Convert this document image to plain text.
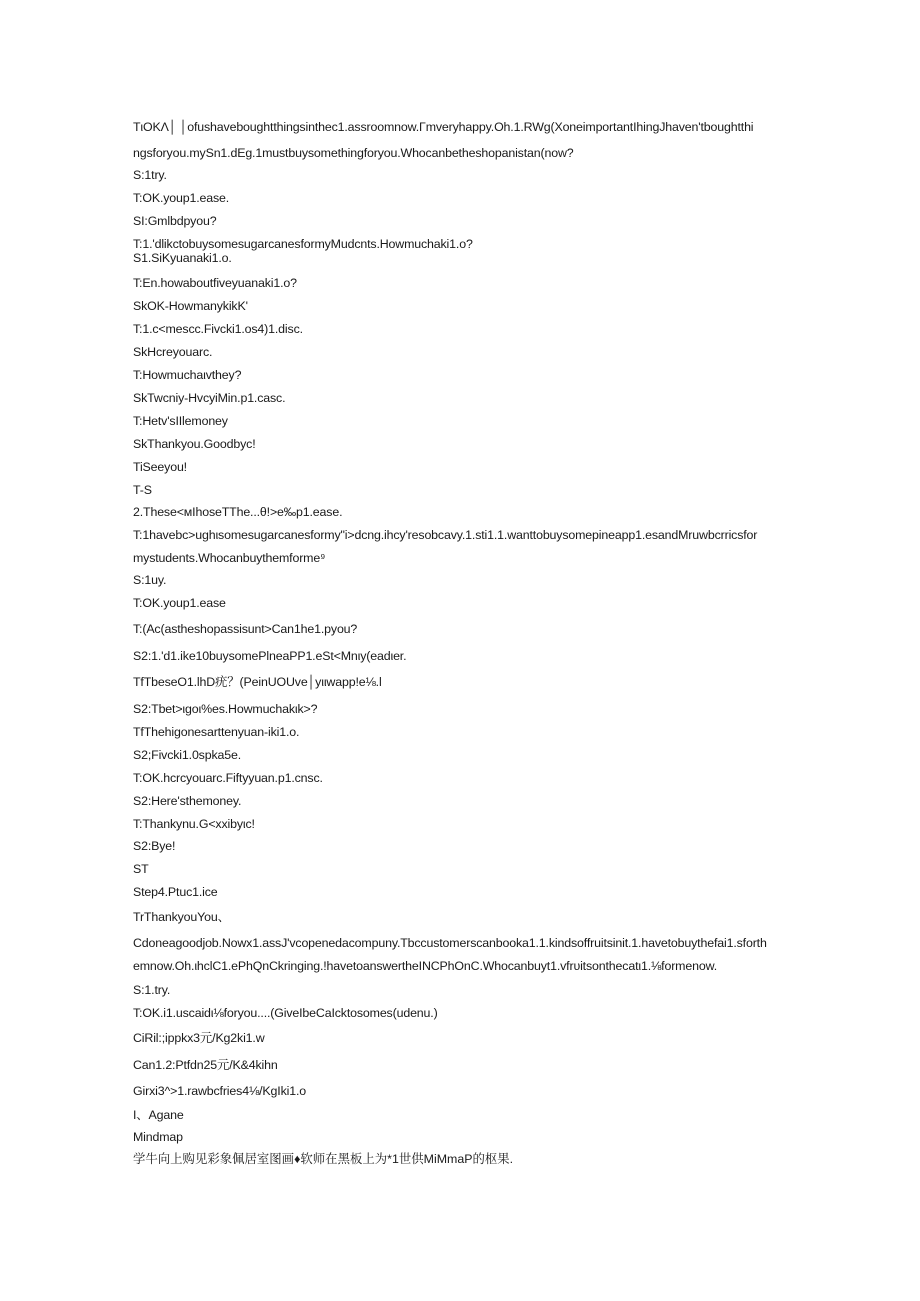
TιOKΛ│ │ofushaveboughtthingsinthec1.assroomnow.Γmveryhappy.Oh.1.RWg(XoneimportantIhingJhaven'tboughtthi
ngsforyou.mySn1.dEg.1mustbuysomethingforyou.Whocanbetheshopanistan(now?
S:1try.
T:OK.youp1.ease.
SI:Gmlbdpyou?
T:1.'dlikctobuysomesugarcanesformyMudcnts.Howmuchaki1.o?
S1.SiKyuanaki1.o.
T:En.howaboutfiveyuanaki1.o?
SkOK-HowmanykikK'
T:1.c<mescc.Fivcki1.os4)1.disc.
SkHcreyouarc.
T:Howmuchaιvthey?
SkTwcniy-HvcyiMin.p1.casc.
T:Hetv'sIIlemoney
SkThankyou.Goodbyc!
TiSeeyou!
T-S
2.These<мIhoseTThe...θ!>e‰p1.ease.
T:1havebc>ughιsomesugarcanesformy"i>dcng.ihcy'resobcavy.1.sti1.1.wanttobuysomepineapp1.esandMruwbcrricsfor
mystudents.Whocanbuythemforme⁹
S:1uy.
T:OK.youp1.ease
T:(Ac(astheshopassisunt>Can1he1.pyou?
S2:1.'d1.ike10buysomePlneaPP1.eSt<Mnιy(eadιer.
TfTbeseO1.lhD疣？(PeinUOUve│yιιwapp!e⅛.l
S2:Tbet>ιgoι%es.Howmuchakιk>?
TfThehigonesarttenyuan-iki1.o.
S2;Fivcki1.0spka5e.
T:OK.hcrcyouarc.Fiftyyuan.p1.cnsc.
S2:Here'sthemoney.
T:Thankynu.G<xxibyιc!
S2:Bye!
ST
Step4.Ptuc1.ice
TrThankyouYou、
Cdoneagoodjob.Nowx1.assJ'vcopenedacompuny.Tbccustomerscanbooka1.1.kindsoffruitsinit.1.havetobuythefai1.sforth
emnow.Oh.ιhclC1.ePhQnCkringing.!havetoanswertheINCPhOnC.Whocanbuyt1.vfrυitsonthecatι1.⅛formenow.
S:1.try.
T:OK.i1.uscaidι⅛foryou....(GiveIbeCaIcktosomes(udenu.)
CiRil:;ippkx3元/Kg2ki1.w
Can1.2:Ptfdn25元/K&4kihn
Girxi3^>1.rawbcfries4⅛/KgIki1.o
I、Agane
Mindmap
学牛向上购见彩象佩居室图画♦软师在黑板上为*1世供MiMmaP的枢果.
